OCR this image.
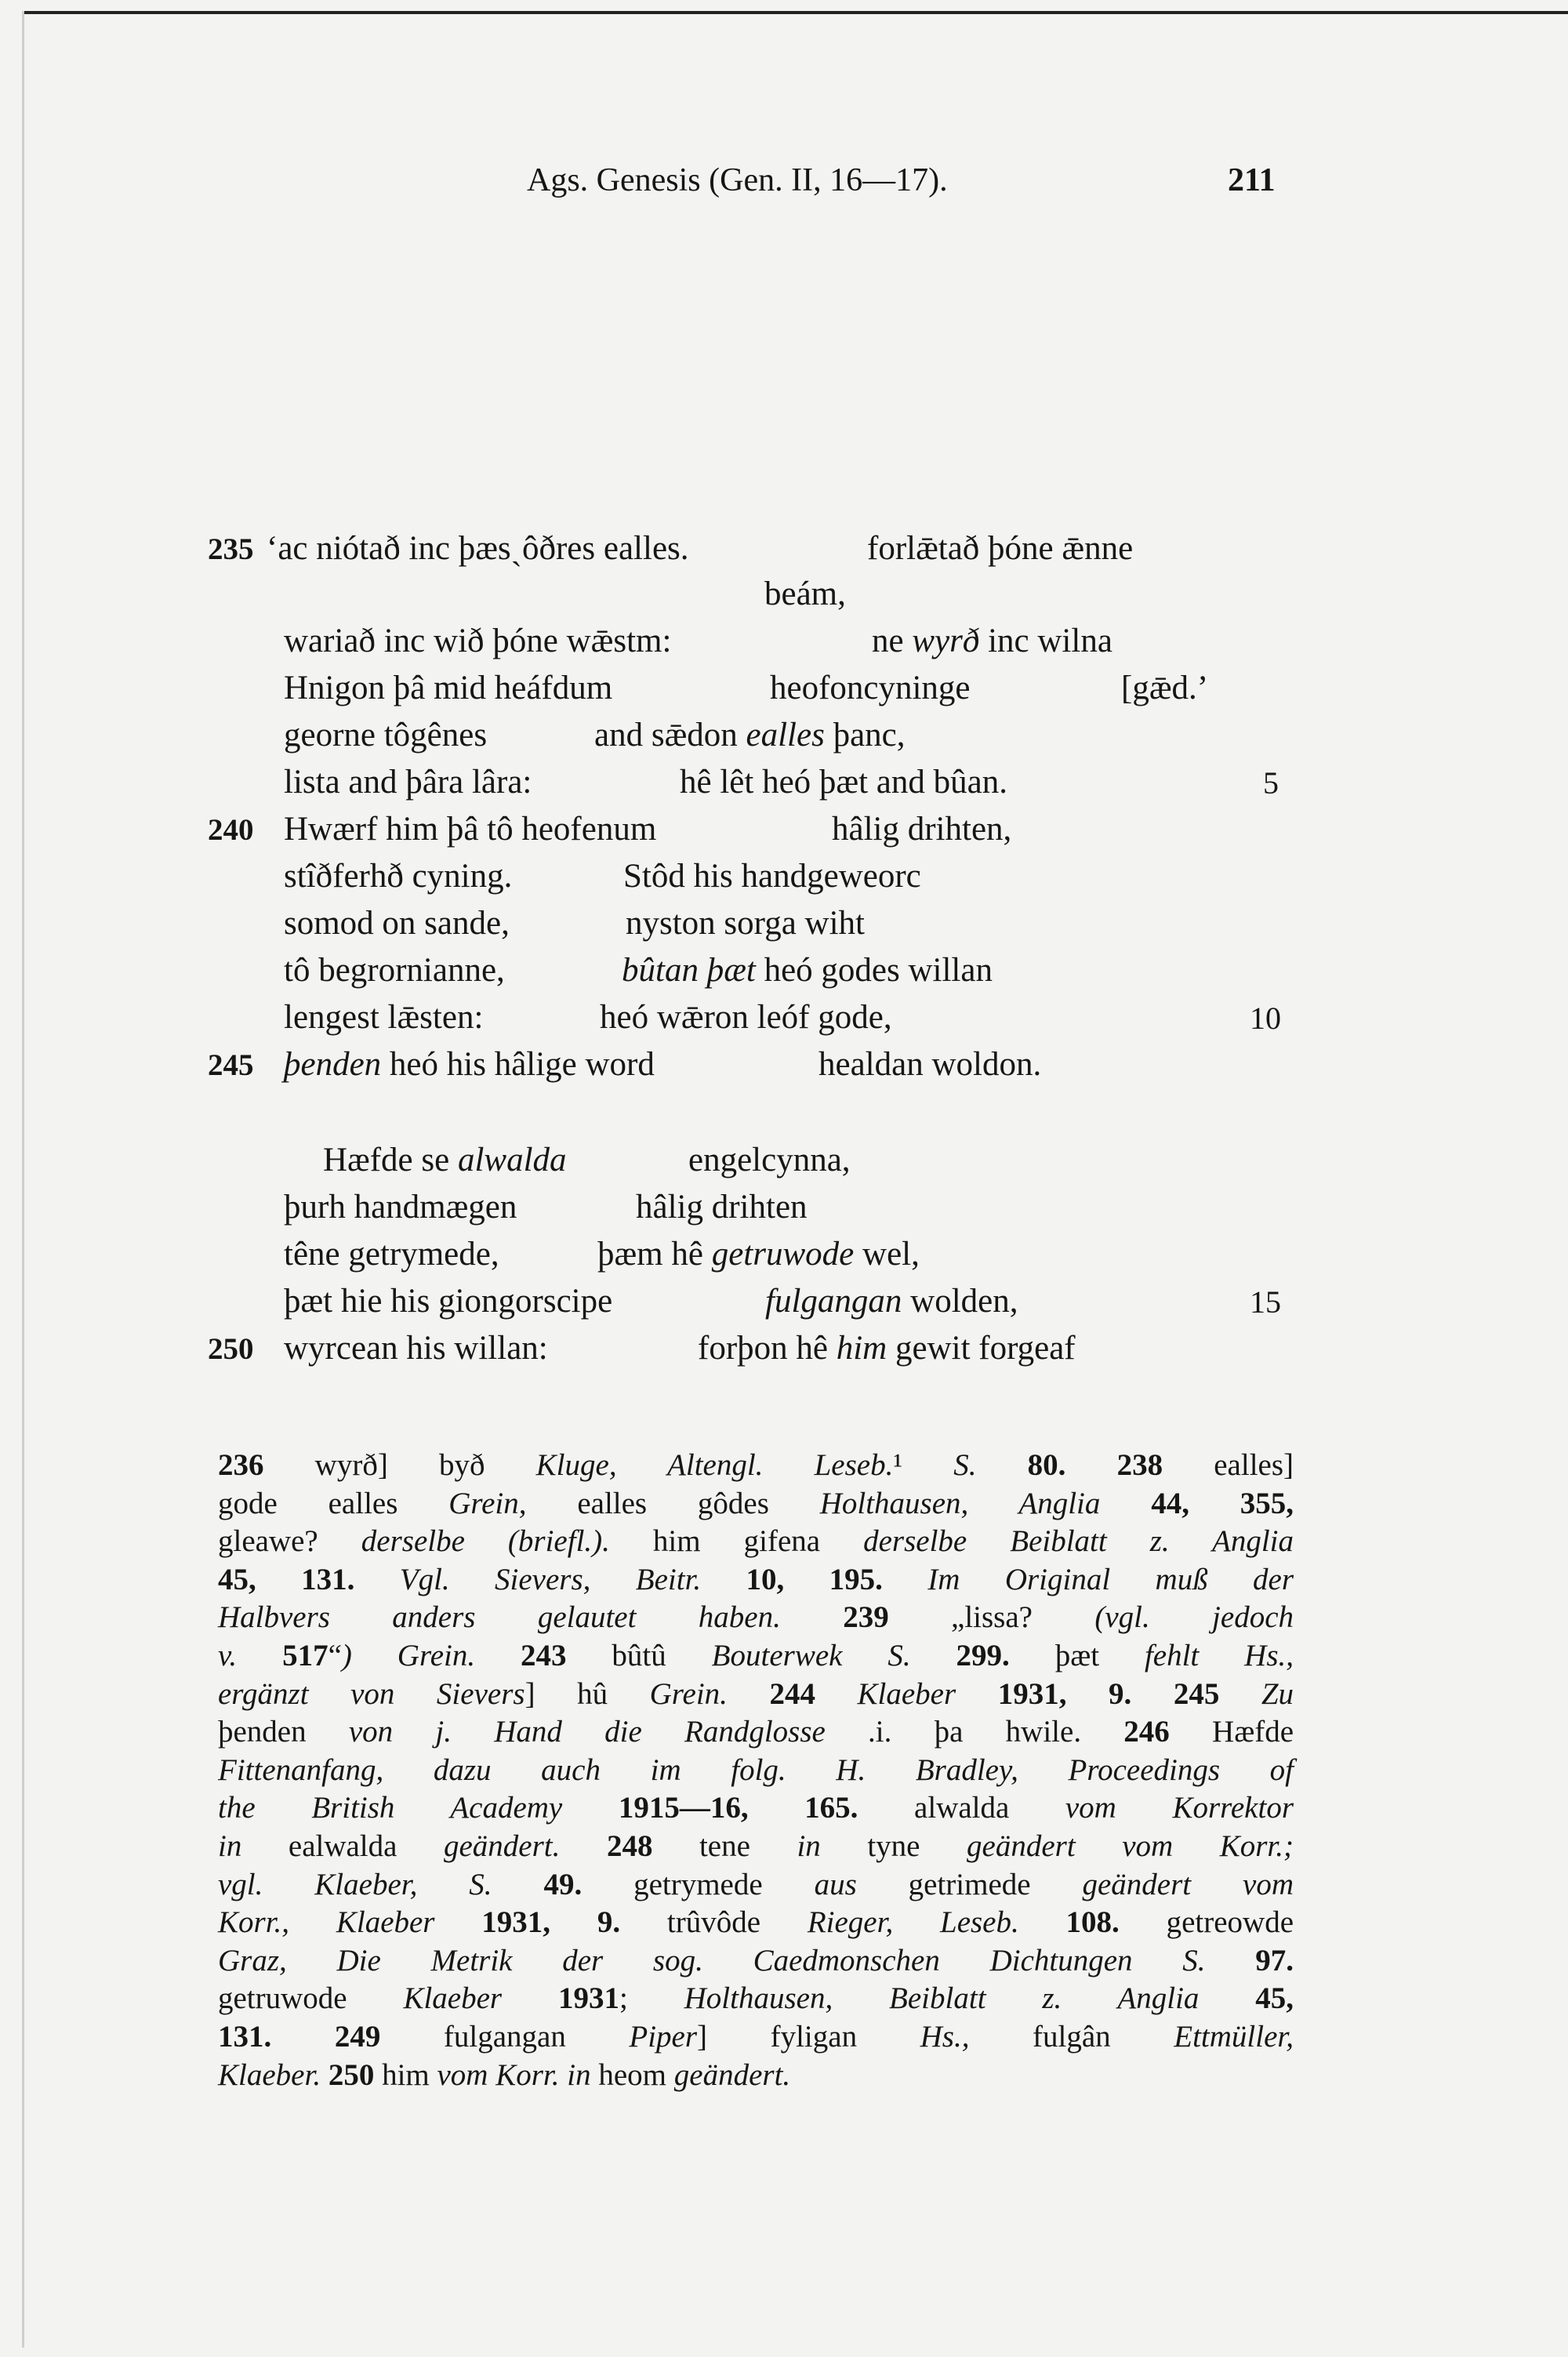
Ags. Genesis (Gen. II, 16—17).	211
235 ‘ac niótað inc þæsˎôðres ealles.	forlǣtað þóne ǣnne
beám,
wariað inc wið þóne wǣstm:	ne wyrð inc wilna
Hnigon þâ mid heáfdum	heofoncyninge	[gǣd.’
georne tôgênes	and sǣdon ealles þanc,
lista and þâra lâra:	hê lêt heó þæt and bûan.	5
240 Hwærf him þâ tô heofenum	hâlig drihten,
stîðferhð cyning.	Stôd his handgeweorc
somod on sande,	nyston sorga wiht
tô begrornianne,	bûtan þæt heó godes willan
lengest lǣsten:	heó wǣron leóf gode,	10
245 þenden heó his hâlige word	healdan woldon.
Hæfde se alwalda	engelcynna,
þurh handmægen	hâlig drihten
têne getrymede,	þæm hê getruwode wel,
þæt hie his giongorscipe	fulgangan wolden,	15
250 wyrcean his willan:	forþon hê him gewit forgeaf
236 wyrð] byð Kluge, Altengl. Leseb.¹ S. 80. 238 ealles]
gode ealles Grein, ealles gôdes Holthausen, Anglia 44, 355,
gleawe? derselbe (briefl.). him gifena derselbe Beiblatt z. Anglia
45, 131. Vgl. Sievers, Beitr. 10, 195. Im Original muß der
Halbvers anders gelautet haben. 239 „lissa? (vgl. jedoch
v. 517“) Grein. 243 bûtû Bouterwek S. 299. þæt fehlt Hs.,
ergänzt von Sievers] hû Grein. 244 Klaeber 1931, 9. 245 Zu
þenden von j. Hand die Randglosse .i. þa hwile. 246 Hæfde
Fittenanfang, dazu auch im folg. H. Bradley, Proceedings of
the British Academy 1915—16, 165. alwalda vom Korrektor
in ealwalda geändert. 248 tene in tyne geändert vom Korr.;
vgl. Klaeber, S. 49. getrymede aus getrimede geändert vom
Korr., Klaeber 1931, 9. trûvôde Rieger, Leseb. 108. getreowde
Graz, Die Metrik der sog. Caedmonschen Dichtungen S. 97.
getruwode Klaeber 1931; Holthausen, Beiblatt z. Anglia 45,
131. 249 fulgangan Piper] fyligan Hs., fulgân Ettmüller,
Klaeber. 250 him vom Korr. in heom geändert.
